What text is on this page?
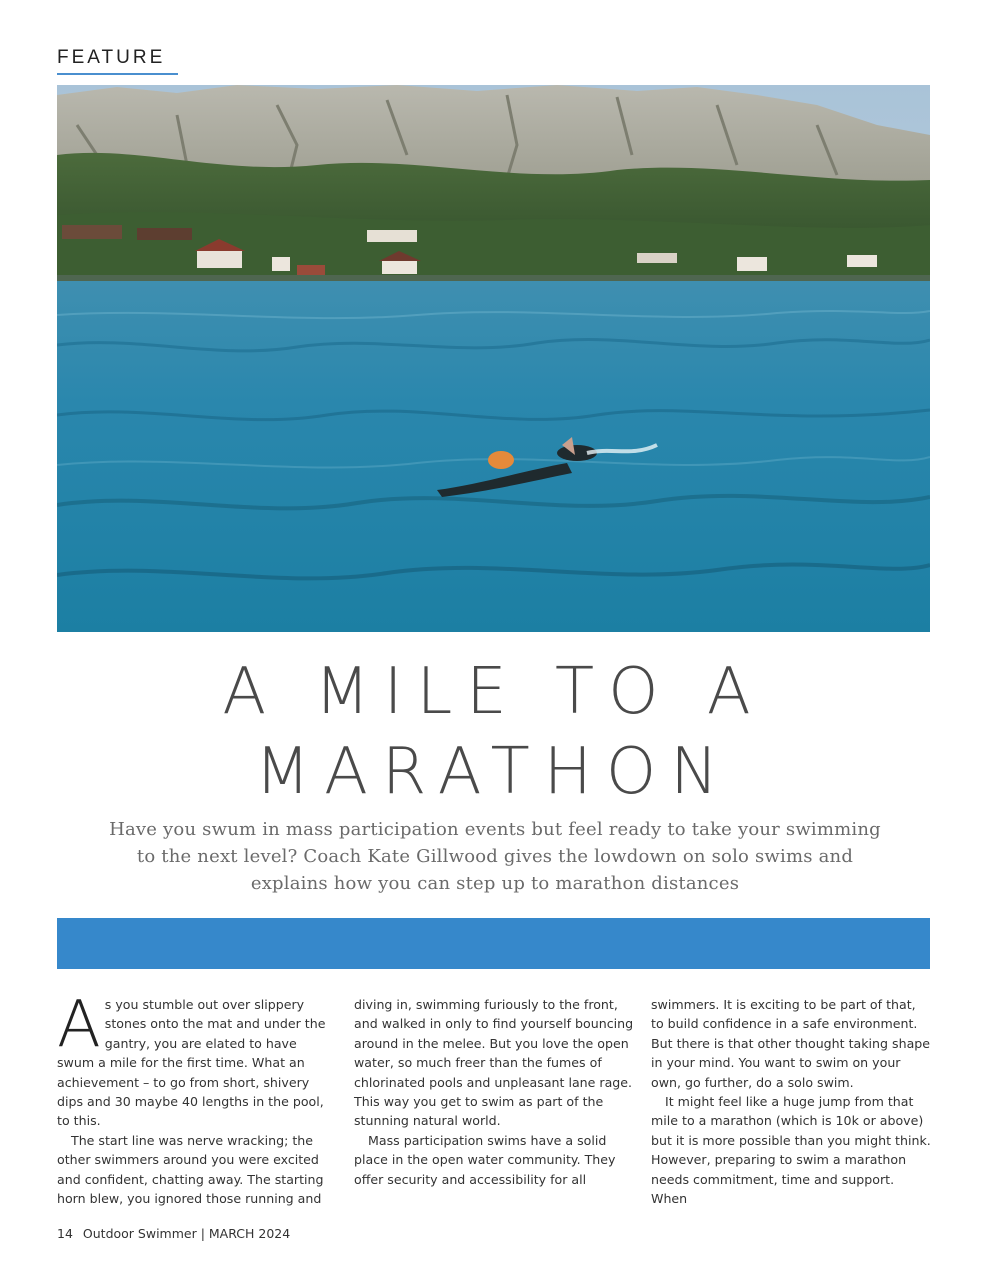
FEATURE
A MILE TO A
MARATHON
Have you swum in mass participation events but feel ready to take your swimming to the next level? Coach Kate Gillwood gives the lowdown on solo swims and explains how you can step up to marathon distances

As you stumble out over slippery stones onto the mat and under the gantry, you are elated to have swum a mile for the first time. What an achievement – to go from short, shivery dips and 30 maybe 40 lengths in the pool, to this.

The start line was nerve wracking; the other swimmers around you were excited and confident, chatting away. The starting horn blew, you ignored those running and

diving in, swimming furiously to the front, and walked in only to find yourself bouncing around in the melee. But you love the open water, so much freer than the fumes of chlorinated pools and unpleasant lane rage. This way you get to swim as part of the stunning natural world.

Mass participation swims have a solid place in the open water community. They offer security and accessibility for all

swimmers. It is exciting to be part of that, to build confidence in a safe environment. But there is that other thought taking shape in your mind. You want to swim on your own, go further, do a solo swim.

It might feel like a huge jump from that mile to a marathon (which is 10k or above) but it is more possible than you might think. However, preparing to swim a marathon needs commitment, time and support. When

14 Outdoor Swimmer | MARCH 2024
